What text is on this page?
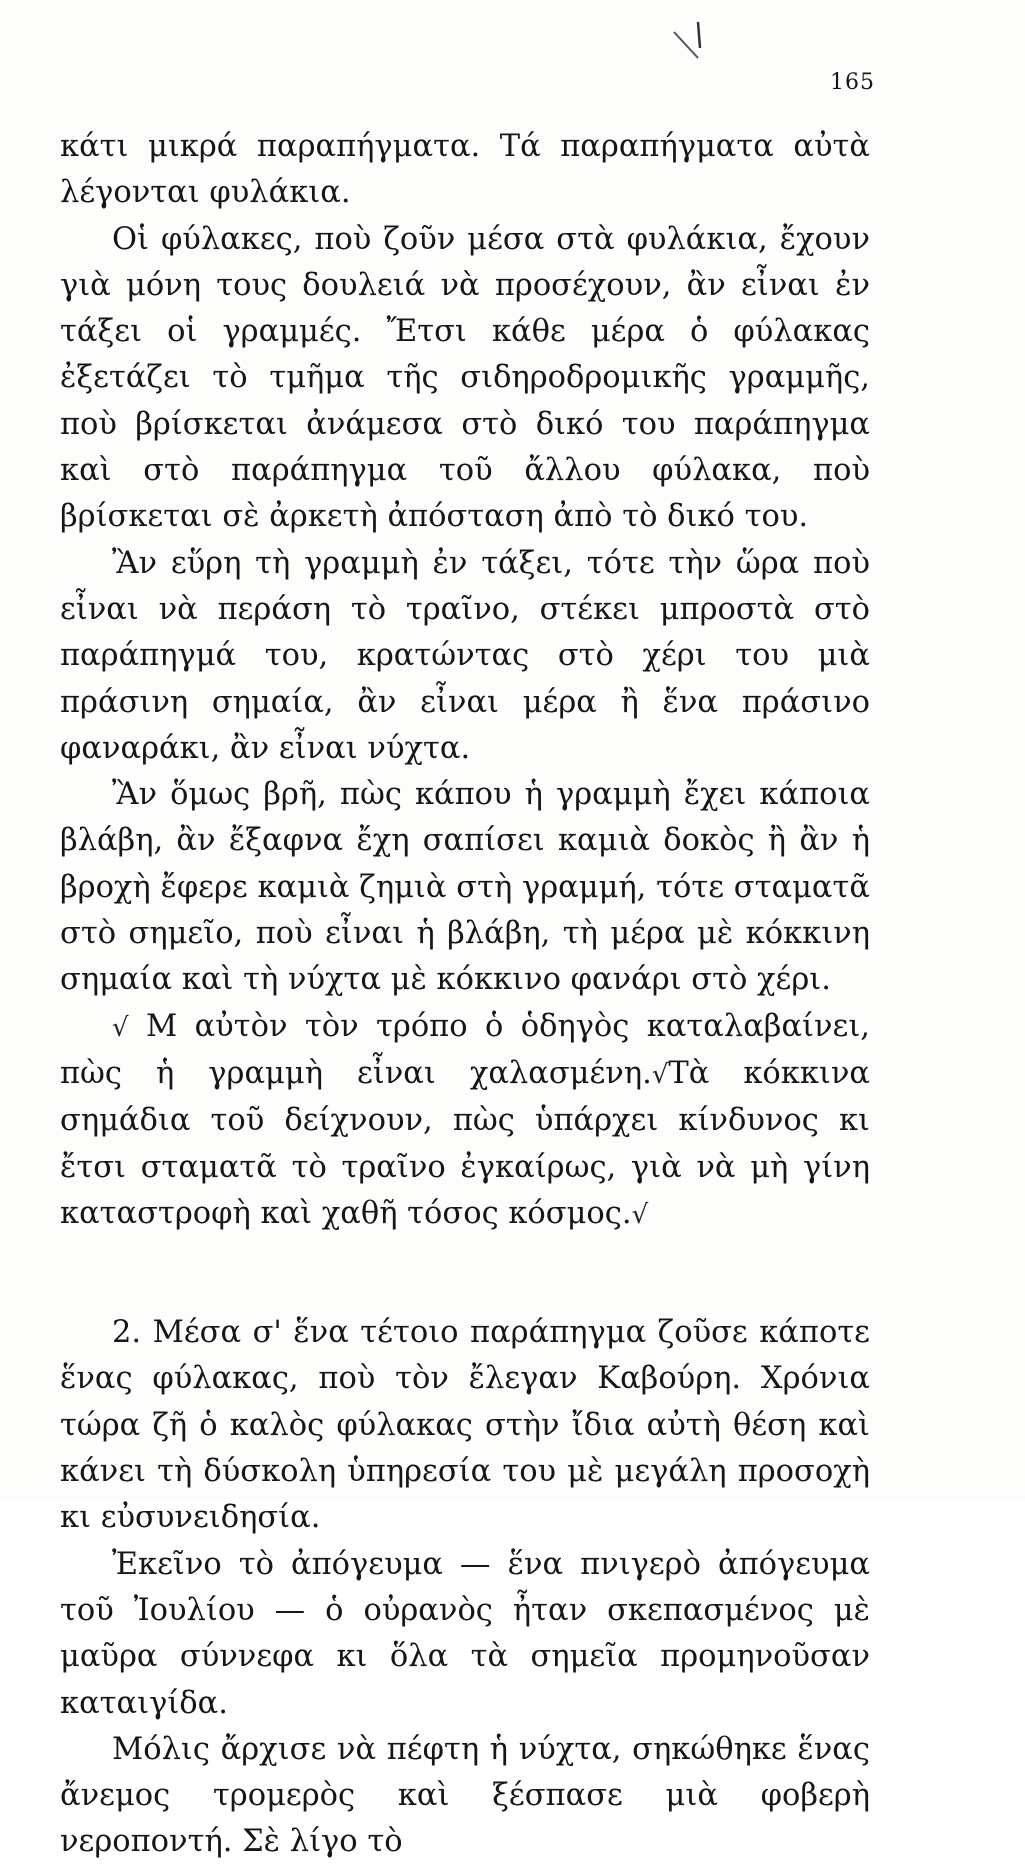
165

κάτι μικρά παραπήγματα. Τά παραπήγματα αὐτὰ λέγονται φυλάκια.

Οἱ φύλακες, ποὺ ζοῦν μέσα στὰ φυλάκια, ἔχουν γιὰ μόνη τους δουλειά νὰ προσέχουν, ἂν εἶναι ἐν τάξει οἱ γραμμές. Ἔτσι κάθε μέρα ὁ φύλακας ἐξετάζει τὸ τμῆμα τῆς σιδηροδρομικῆς γραμμῆς, ποὺ βρίσκεται ἀνάμεσα στὸ δικό του παράπηγμα καὶ στὸ παράπηγμα τοῦ ἄλλου φύλακα, ποὺ βρίσκεται σὲ ἀρκετὴ ἀπόσταση ἀπὸ τὸ δικό του.

Ἂν εὕρη τὴ γραμμὴ ἐν τάξει, τότε τὴν ὥρα ποὺ εἶναι νὰ περάση τὸ τραῖνο, στέκει μπροστὰ στὸ παράπηγμά του, κρατώντας στὸ χέρι του μιὰ πράσινη σημαία, ἂν εἶναι μέρα ἢ ἕνα πράσινο φαναράκι, ἂν εἶναι νύχτα.

Ἂν ὅμως βρῆ, πὼς κάπου ἡ γραμμὴ ἔχει κάποια βλάβη, ἂν ἔξαφνα ἔχη σαπίσει καμιὰ δοκὸς ἢ ἂν ἡ βροχὴ ἔφερε καμιὰ ζημιὰ στὴ γραμμή, τότε σταματᾶ στὸ σημεῖο, ποὺ εἶναι ἡ βλάβη, τὴ μέρα μὲ κόκκινη σημαία καὶ τὴ νύχτα μὲ κόκκινο φανάρι στὸ χέρι.

√ Μ αὐτὸν τὸν τρόπο ὁ ὁδηγὸς καταλαβαίνει, πὼς ἡ γραμμὴ εἶναι χαλασμένη.√Τὰ κόκκινα σημάδια τοῦ δείχνουν, πὼς ὑπάρχει κίνδυνος κι ἔτσι σταματᾶ τὸ τραῖνο ἐγκαίρως, γιὰ νὰ μὴ γίνη καταστροφὴ καὶ χαθῆ τόσος κόσμος.√

2. Μέσα σ' ἕνα τέτοιο παράπηγμα ζοῦσε κάποτε ἕνας φύλακας, ποὺ τὸν ἔλεγαν Καβούρη. Χρόνια τώρα ζῆ ὁ καλὸς φύλακας στὴν ἴδια αὐτὴ θέση καὶ κάνει τὴ δύσκολη ὑπηρεσία του μὲ μεγάλη προσοχὴ κι εὐσυνειδησία.

Ἐκεῖνο τὸ ἀπόγευμα — ἕνα πνιγερὸ ἀπόγευμα τοῦ Ἰουλίου — ὁ οὐρανὸς ἦταν σκεπασμένος μὲ μαῦρα σύννεφα κι ὅλα τὰ σημεῖα προμηνοῦσαν καταιγίδα.

Μόλις ἄρχισε νὰ πέφτη ἡ νύχτα, σηκώθηκε ἕνας ἄνεμος τρομερὸς καὶ ξέσπασε μιὰ φοβερὴ νεροποντή. Σὲ λίγο τὸ
